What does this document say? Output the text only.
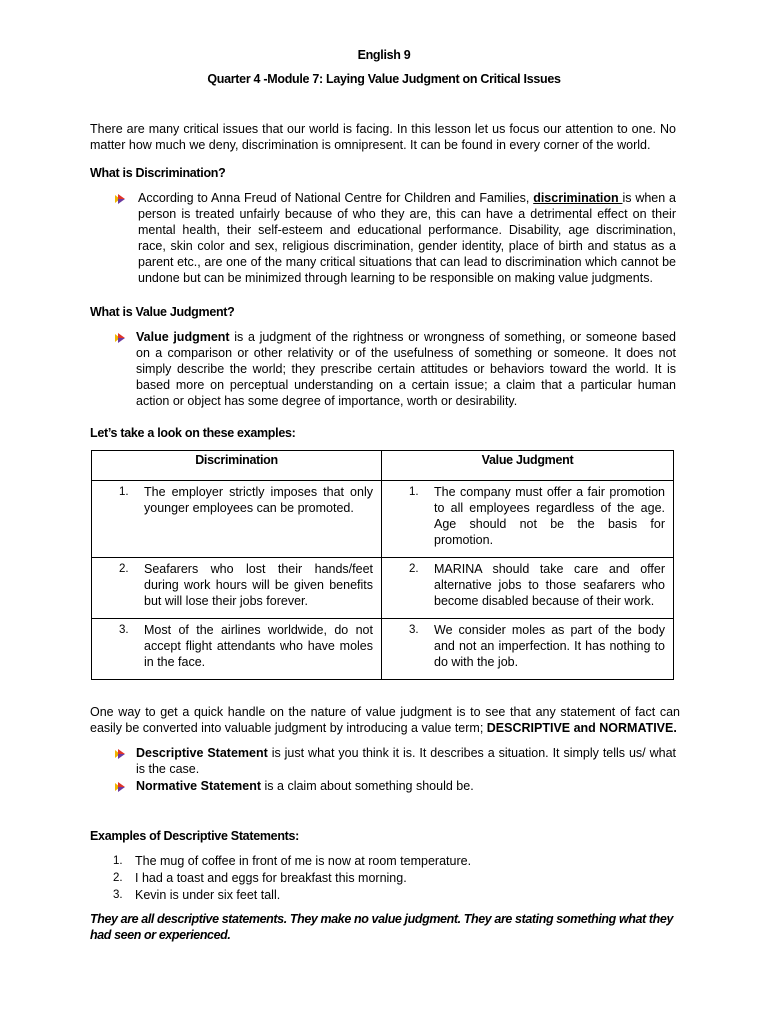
English 9
Quarter 4 -Module 7: Laying Value Judgment on Critical Issues
There are many critical issues that our world is facing. In this lesson let us focus our attention to one. No matter how much we deny, discrimination is omnipresent. It can be found in every corner of the world.
What is Discrimination?
According to Anna Freud of National Centre for Children and Families, discrimination is when a person is treated unfairly because of who they are, this can have a detrimental effect on their mental health, their self-esteem and educational performance. Disability, age discrimination, race, skin color and sex, religious discrimination, gender identity, place of birth and status as a parent etc., are one of the many critical situations that can lead to discrimination which cannot be undone but can be minimized through learning to be responsible on making value judgments.
What is Value Judgment?
Value judgment is a judgment of the rightness or wrongness of something, or someone based on a comparison or other relativity or of the usefulness of something or someone. It does not simply describe the world; they prescribe certain attitudes or behaviors toward the world. It is based more on perceptual understanding on a certain issue; a claim that a particular human action or object has some degree of importance, worth or desirability.
Let’s take a look on these examples:
Discrimination	Value Judgment

1. The employer strictly imposes that only younger employees can be promoted.	1. The company must offer a fair promotion to all employees regardless of the age. Age should not be the basis for promotion.

2. Seafarers who lost their hands/feet during work hours will be given benefits but will lose their jobs forever.	2. MARINA should take care and offer alternative jobs to those seafarers who become disabled because of their work.

3. Most of the airlines worldwide, do not accept flight attendants who have moles in the face.	3. We consider moles as part of the body and not an imperfection. It has nothing to do with the job.
One way to get a quick handle on the nature of value judgment is to see that any statement of fact can easily be converted into valuable judgment by introducing a value term; DESCRIPTIVE and NORMATIVE.
Descriptive Statement is just what you think it is. It describes a situation. It simply tells us/ what is the case.
Normative Statement is a claim about something should be.
Examples of Descriptive Statements:
1. The mug of coffee in front of me is now at room temperature.
2. I had a toast and eggs for breakfast this morning.
3. Kevin is under six feet tall.
They are all descriptive statements. They make no value judgment. They are stating something what they had seen or experienced.
